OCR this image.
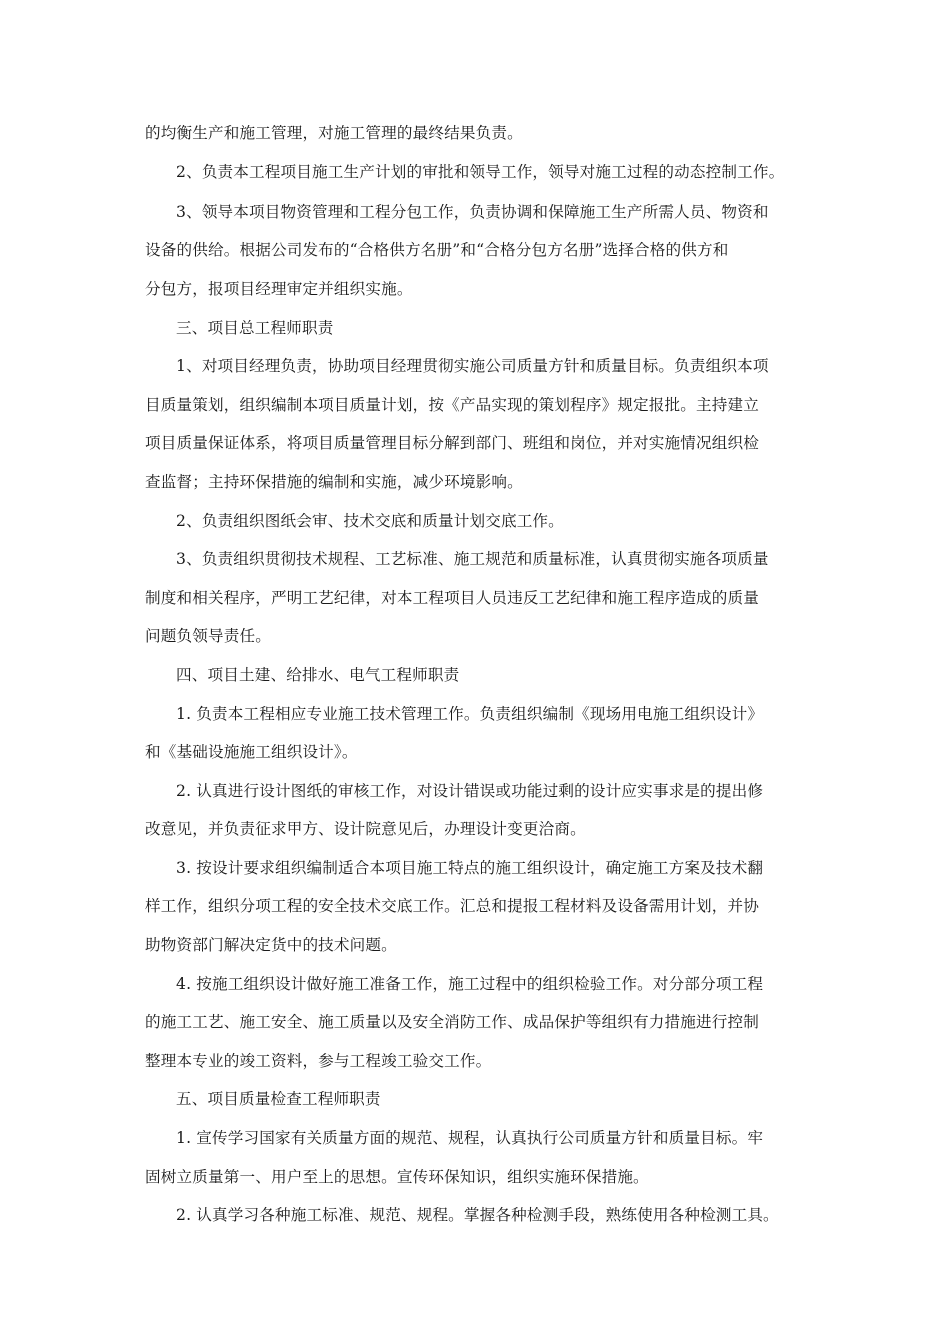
的均衡生产和施工管理，对施工管理的最终结果负责。
2、负责本工程项目施工生产计划的审批和领导工作，领导对施工过程的动态控制工作。
3、领导本项目物资管理和工程分包工作，负责协调和保障施工生产所需人员、物资和
设备的供给。根据公司发布的“合格供方名册”和“合格分包方名册”选择合格的供方和
分包方，报项目经理审定并组织实施。
三、项目总工程师职责
1、对项目经理负责，协助项目经理贯彻实施公司质量方针和质量目标。负责组织本项
目质量策划，组织编制本项目质量计划，按《产品实现的策划程序》规定报批。主持建立
项目质量保证体系，将项目质量管理目标分解到部门、班组和岗位，并对实施情况组织检
查监督；主持环保措施的编制和实施，减少环境影响。
2、负责组织图纸会审、技术交底和质量计划交底工作。
3、负责组织贯彻技术规程、工艺标准、施工规范和质量标准，认真贯彻实施各项质量
制度和相关程序，严明工艺纪律，对本工程项目人员违反工艺纪律和施工程序造成的质量
问题负领导责任。
四、项目土建、给排水、电气工程师职责
1. 负责本工程相应专业施工技术管理工作。负责组织编制《现场用电施工组织设计》
和《基础设施施工组织设计》。
2. 认真进行设计图纸的审核工作，对设计错误或功能过剩的设计应实事求是的提出修
改意见，并负责征求甲方、设计院意见后，办理设计变更洽商。
3. 按设计要求组织编制适合本项目施工特点的施工组织设计，确定施工方案及技术翻
样工作，组织分项工程的安全技术交底工作。汇总和提报工程材料及设备需用计划，并协
助物资部门解决定货中的技术问题。
4. 按施工组织设计做好施工准备工作，施工过程中的组织检验工作。对分部分项工程
的施工工艺、施工安全、施工质量以及安全消防工作、成品保护等组织有力措施进行控制
整理本专业的竣工资料，参与工程竣工验交工作。
五、项目质量检查工程师职责
1. 宣传学习国家有关质量方面的规范、规程，认真执行公司质量方针和质量目标。牢
固树立质量第一、用户至上的思想。宣传环保知识，组织实施环保措施。
2. 认真学习各种施工标准、规范、规程。掌握各种检测手段，熟练使用各种检测工具。
